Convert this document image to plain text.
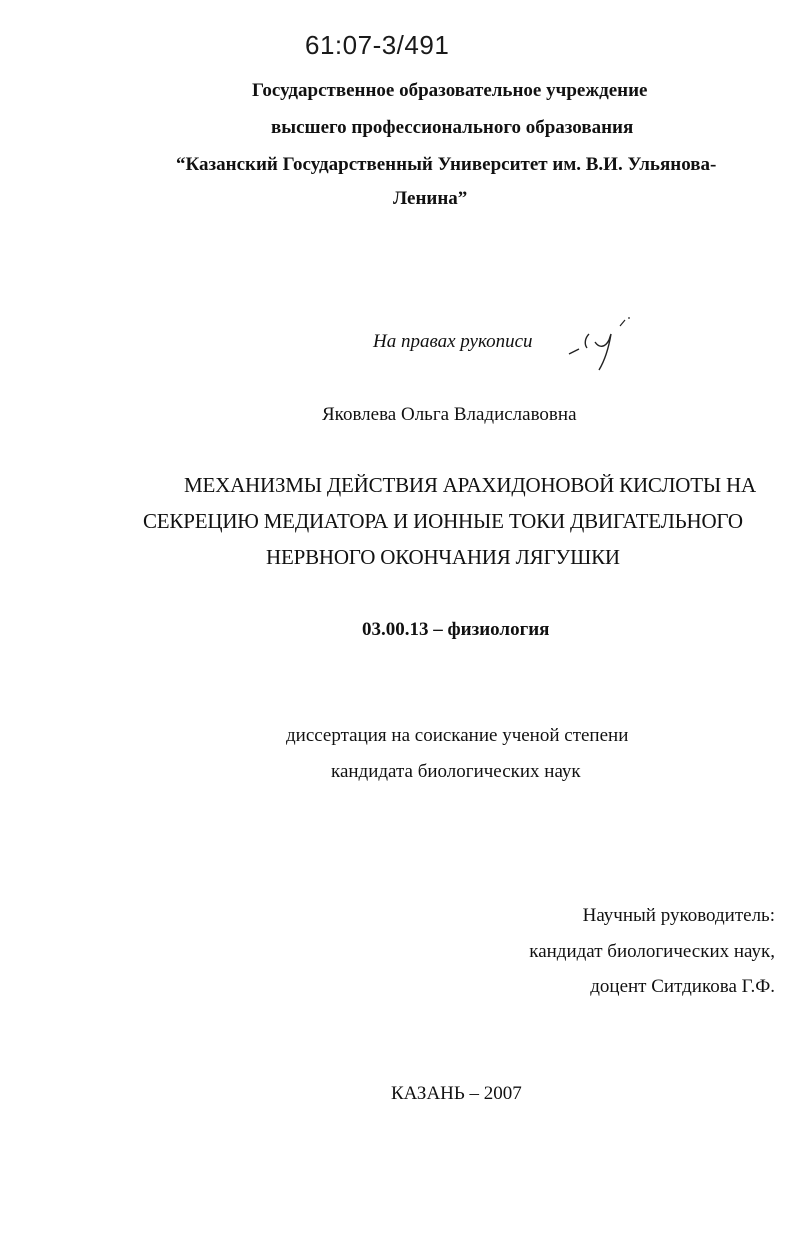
61:07-3/491
Государственное образовательное учреждение
высшего профессионального образования
“Казанский Государственный Университет им. В.И. Ульянова-
Ленина”
На правах рукописи
Яковлева Ольга Владиславовна
МЕХАНИЗМЫ ДЕЙСТВИЯ АРАХИДОНОВОЙ КИСЛОТЫ НА
СЕКРЕЦИЮ МЕДИАТОРА И ИОННЫЕ ТОКИ ДВИГАТЕЛЬНОГО
НЕРВНОГО ОКОНЧАНИЯ ЛЯГУШКИ
03.00.13 – физиология
диссертация на соискание ученой степени
кандидата биологических наук
Научный руководитель:
кандидат биологических наук,
доцент Ситдикова Г.Ф.
КАЗАНЬ – 2007
